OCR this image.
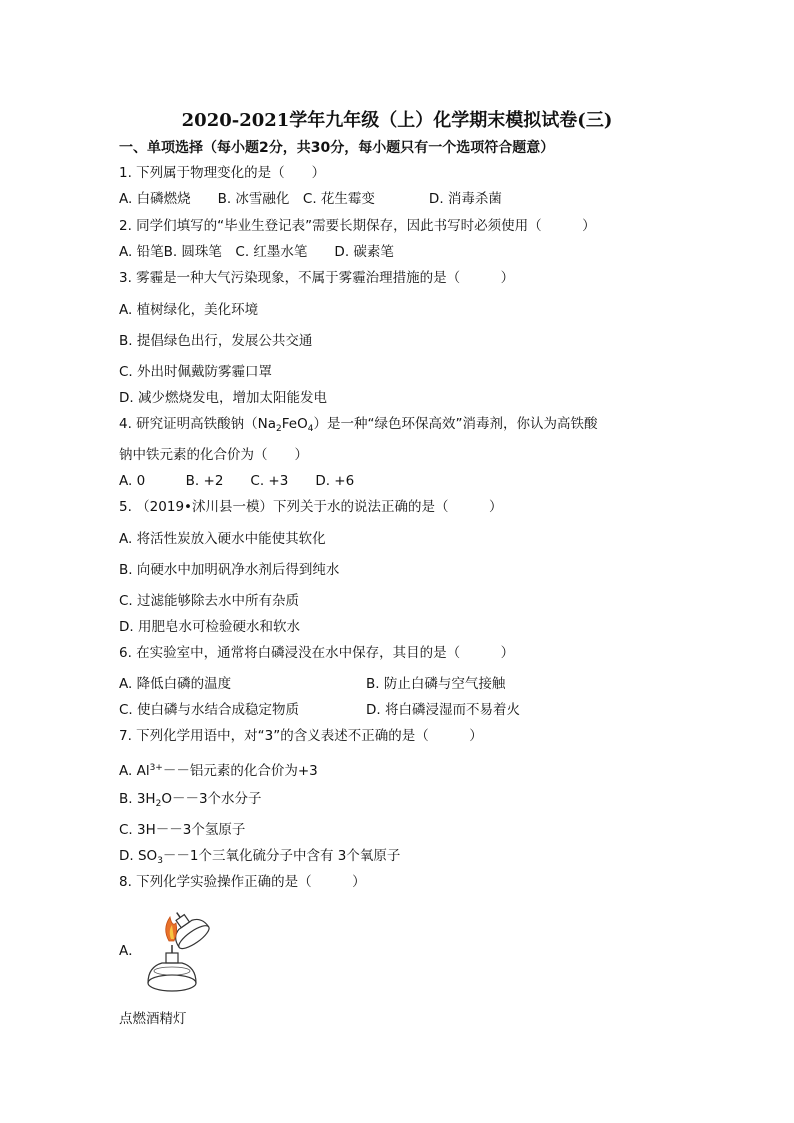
2020-2021学年九年级（上）化学期末模拟试卷(三)
一、单项选择（每小题2分，共30分，每小题只有一个选项符合题意）
1. 下列属于物理变化的是（　　）
A. 白磷燃烧　　B. 冰雪融化　C. 花生霉变　　　　D. 消毒杀菌
2. 同学们填写的“毕业生登记表”需要长期保存，因此书写时必须使用（　　　）
A. 铅笔B. 圆珠笔　C. 红墨水笔　　D. 碳素笔
3. 雾霾是一种大气污染现象，不属于雾霾治理措施的是（　　　）
A. 植树绿化，美化环境
B. 提倡绿色出行，发展公共交通
C. 外出时佩戴防雾霾口罩
D. 减少燃烧发电，增加太阳能发电
4. 研究证明高铁酸钠$(Na_2FeO_4)$是一种“绿色环保高效”消毒剂，你认为高铁酸
钠中铁元素的化合价为（　　）
A. 0　　　B. +2　　C. +3　　D. +6
5. （2019•沭川县一模）下列关于水的说法正确的是（　　　）
A. 将活性炭放入硬水中能使其软化
B. 向硬水中加明矾净水剂后得到纯水
C. 过滤能够除去水中所有杂质
D. 用肥皂水可检验硬水和软水
6. 在实验室中，通常将白磷浸没在水中保存，其目的是（　　　）
A. 降低白磷的温度	B. 防止白磷与空气接触
C. 使白磷与水结合成稳定物质	D. 将白磷浸湿而不易着火
7. 下列化学用语中，对“3”的含义表述不正确的是（　　　）
A. $Al^{3+}--$铝元素的化合价为+3
B. $3H_2O--3$个水分子
C. 3H－－3个氢原子
D. $SO_3--1$个三氧化硫分子中含有 3个氧原子
8. 下列化学实验操作正确的是（　　　）
A．
点燃酒精灯
